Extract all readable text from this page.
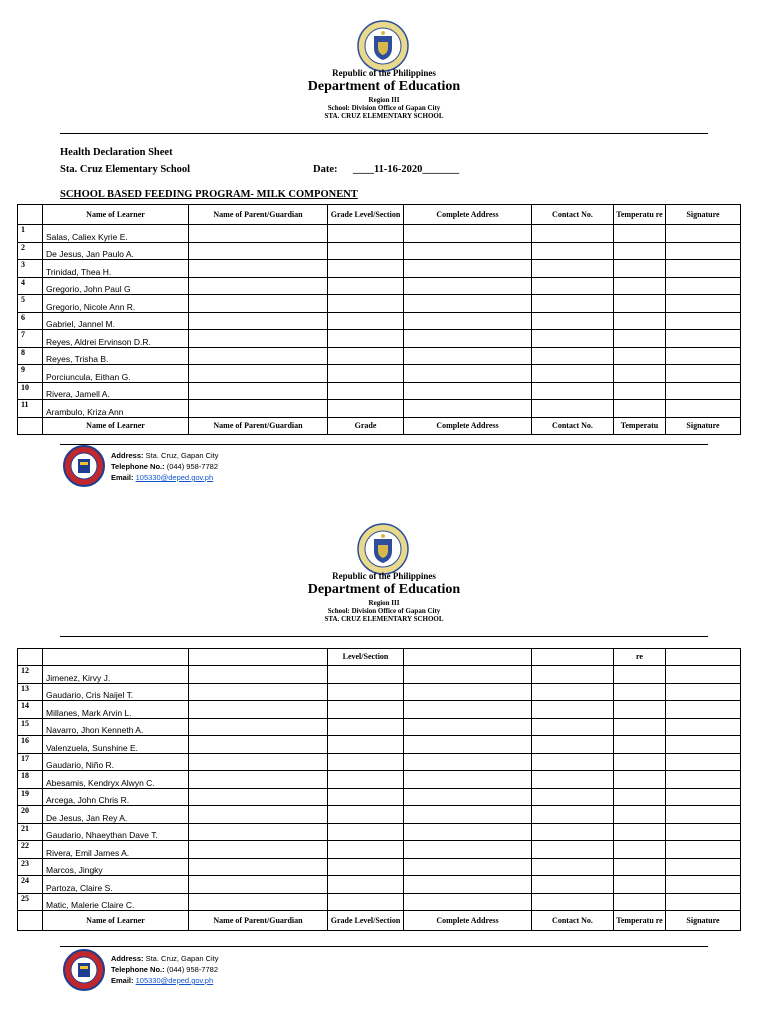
Republic of the Philippines
Department of Education
Region III
School: Division Office of Gapan City
STA. CRUZ ELEMENTARY SCHOOL
Health Declaration Sheet
Sta. Cruz Elementary School	Date: ____11-16-2020_______
SCHOOL BASED FEEDING PROGRAM- MILK COMPONENT
	Name of Learner	Name of Parent/Guardian	Grade Level/Section	Complete Address	Contact No.	Temperatu re	Signature
1	Salas, Caliex Kyrie E.						
2	De Jesus, Jan Paulo A.						
3	Trinidad, Thea H.						
4	Gregorio, John Paul G						
5	Gregorio, Nicole Ann R.						
6	Gabriel, Jannel M.						
7	Reyes, Aldrei Ervinson D.R.						
8	Reyes, Trisha B.						
9	Porciuncula, Eithan G.						
10	Rivera, Jamell A.						
11	Arambulo, Kriza Ann						
	Name of Learner	Name of Parent/Guardian	Grade	Complete Address	Contact No.	Temperatu	Signature
Address: Sta. Cruz, Gapan City
Telephone No.: (044) 958-7782
Email: 105330@deped.gov.ph
Republic of the Philippines
Department of Education
Region III
School: Division Office of Gapan City
STA. CRUZ ELEMENTARY SCHOOL
			Level/Section			re	
12	Jimenez, Kirvy J.						
13	Gaudario, Cris Naijel T.						
14	Millanes, Mark Arvin L.						
15	Navarro, Jhon Kenneth A.						
16	Valenzuela, Sunshine E.						
17	Gaudario, Niño R.						
18	Abesamis, Kendryx Alwyn C.						
19	Arcega, John Chris R.						
20	De Jesus, Jan Rey A.						
21	Gaudario, Nhaeythan Dave T.						
22	Rivera, Emil James A.						
23	Marcos, Jingky						
24	Partoza, Claire S.						
25	Matic, Malerie Claire C.						
	Name of Learner	Name of Parent/Guardian	Grade Level/Section	Complete Address	Contact No.	Temperatu re	Signature
Address: Sta. Cruz, Gapan City
Telephone No.: (044) 958-7782
Email: 105330@deped.gov.ph
